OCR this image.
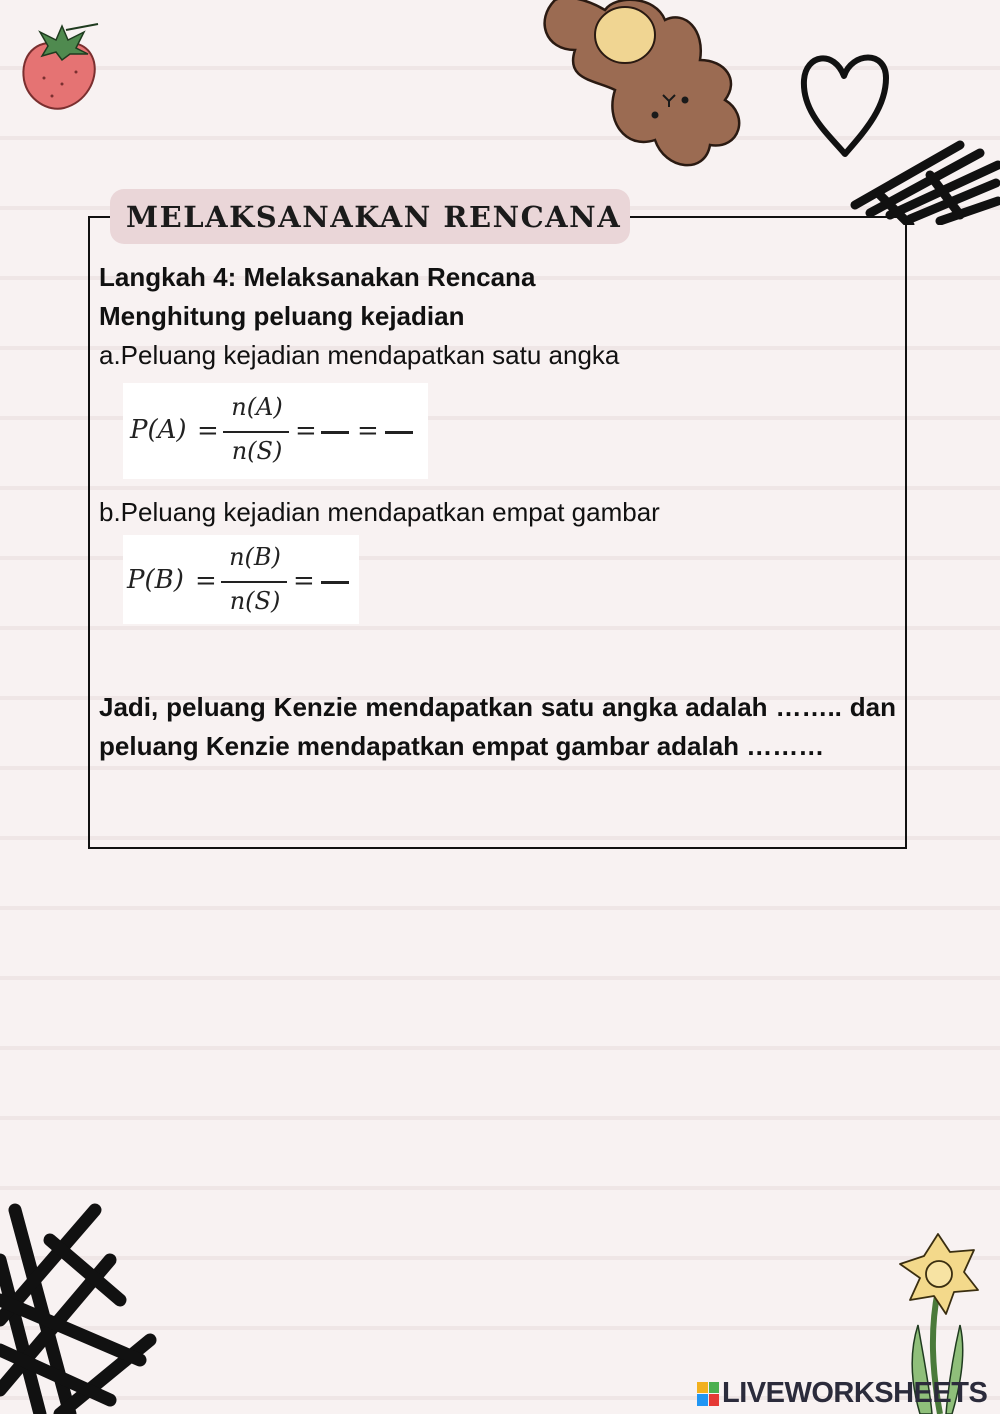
MELAKSANAKAN RENCANA
Langkah 4: Melaksanakan Rencana
Menghitung peluang kejadian
a.Peluang kejadian mendapatkan satu angka
P(A) =
n(A)
n(S)
= =
b.Peluang kejadian mendapatkan empat gambar
P(B) =
n(B)
n(S)
=
Jadi, peluang Kenzie mendapatkan satu angka adalah …….. dan peluang Kenzie mendapatkan empat gambar adalah ………
LIVEWORKSHEETS
